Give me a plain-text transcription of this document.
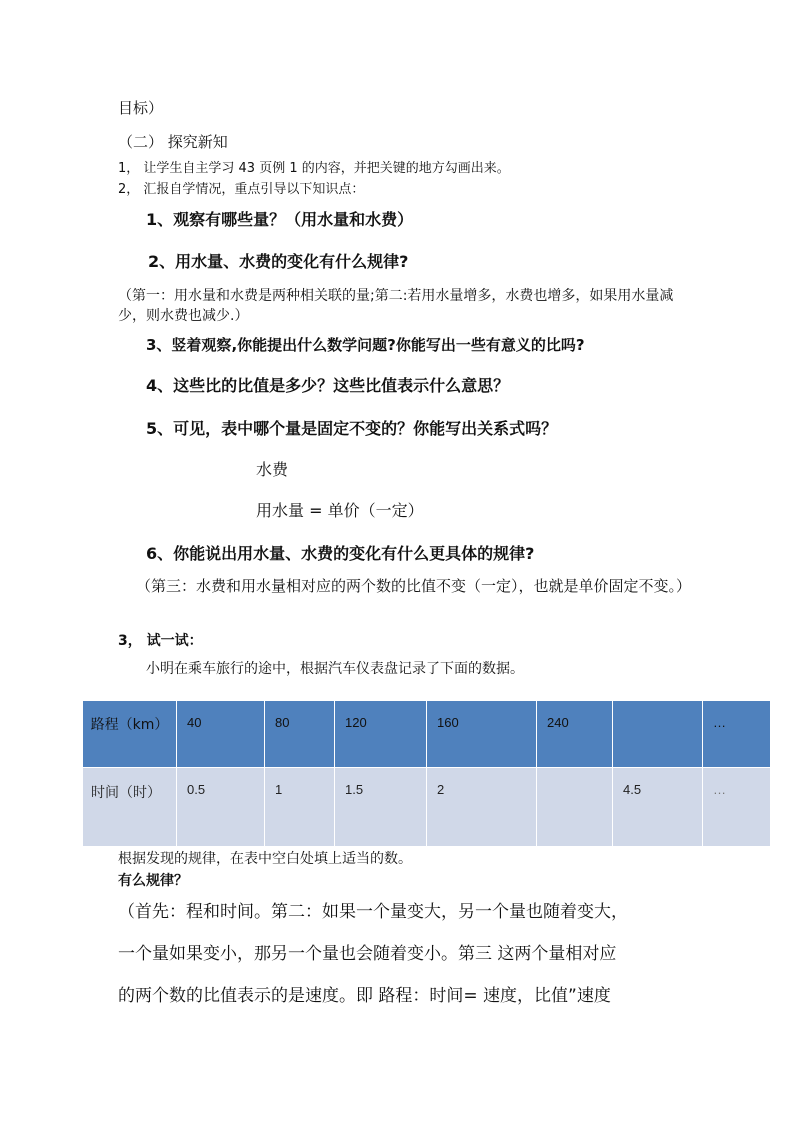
目标）
（二） 探究新知
1， 让学生自主学习 43 页例 1 的内容，并把关键的地方勾画出来。
2， 汇报自学情况，重点引导以下知识点：
1、观察有哪些量？（用水量和水费）
2、用水量、水费的变化有什么规律?
（第一：用水量和水费是两种相关联的量;第二:若用水量增多，水费也增多，如果用水量减少，则水费也减少.）
3、竖着观察,你能提出什么数学问题?你能写出一些有意义的比吗?
4、这些比的比值是多少？这些比值表示什么意思？
5、可见，表中哪个量是固定不变的？你能写出关系式吗？
水费
用水量 = 单价（一定）
6、你能说出用水量、水费的变化有什么更具体的规律?
（第三：水费和用水量相对应的两个数的比值不变（一定），也就是单价固定不变。）
3， 试一试：
小明在乘车旅行的途中，根据汽车仪表盘记录了下面的数据。
路程（km）	40	80	120	160	240		…

时间（时）	0.5	1	1.5	2		4.5	…
根据发现的规律，在表中空白处填上适当的数。
有么规律？
（首先：程和时间。第二：如果一个量变大，另一个量也随着变大，
一个量如果变小，那另一个量也会随着变小。第三 这两个量相对应
的两个数的比值表示的是速度。即 路程：时间= 速度，比值”速度
